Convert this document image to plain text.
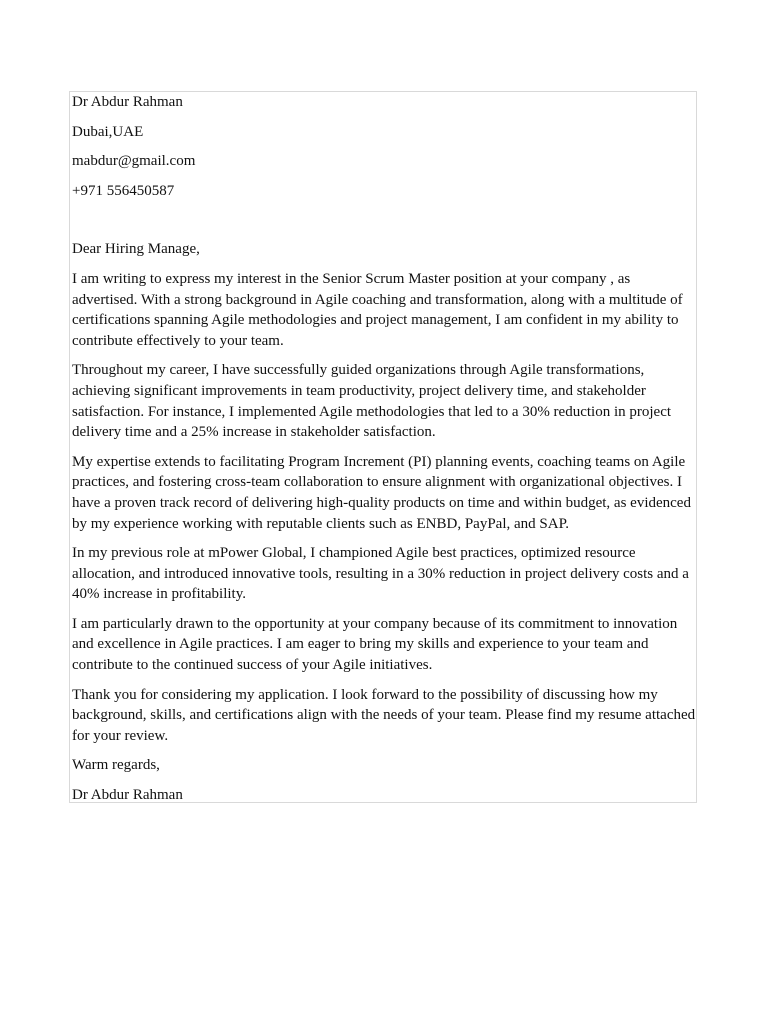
Dr Abdur Rahman

Dubai,UAE

mabdur@gmail.com

+971 556450587

Dear Hiring Manage,

I am writing to express my interest in the Senior Scrum Master position at your company , as advertised. With a strong background in Agile coaching and transformation, along with a multitude of certifications spanning Agile methodologies and project management, I am confident in my ability to contribute effectively to your team.

Throughout my career, I have successfully guided organizations through Agile transformations, achieving significant improvements in team productivity, project delivery time, and stakeholder satisfaction. For instance, I implemented Agile methodologies that led to a 30% reduction in project delivery time and a 25% increase in stakeholder satisfaction.

My expertise extends to facilitating Program Increment (PI) planning events, coaching teams on Agile practices, and fostering cross-team collaboration to ensure alignment with organizational objectives. I have a proven track record of delivering high-quality products on time and within budget, as evidenced by my experience working with reputable clients such as ENBD, PayPal, and SAP.

In my previous role at mPower Global, I championed Agile best practices, optimized resource allocation, and introduced innovative tools, resulting in a 30% reduction in project delivery costs and a 40% increase in profitability.

I am particularly drawn to the opportunity at your company because of its commitment to innovation and excellence in Agile practices. I am eager to bring my skills and experience to your team and contribute to the continued success of your Agile initiatives.

Thank you for considering my application. I look forward to the possibility of discussing how my background, skills, and certifications align with the needs of your team. Please find my resume attached for your review.

Warm regards,

Dr Abdur Rahman
